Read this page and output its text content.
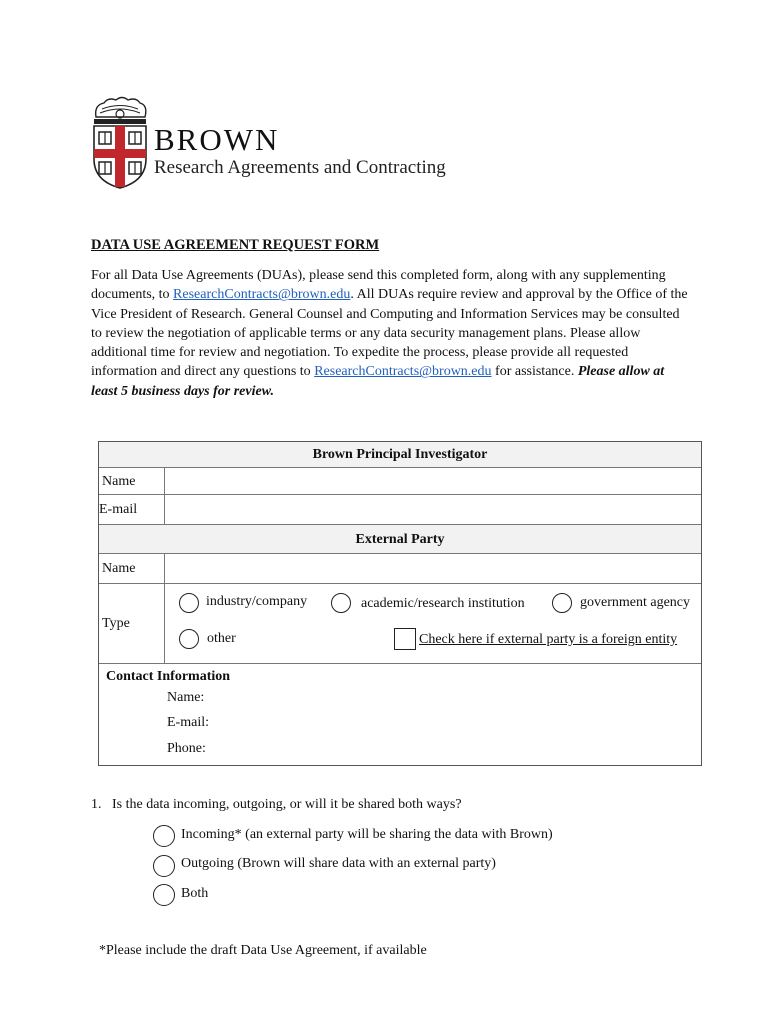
BROWN
Research Agreements and Contracting
DATA USE AGREEMENT REQUEST FORM
For all Data Use Agreements (DUAs), please send this completed form, along with any supplementing documents, to ResearchContracts@brown.edu. All DUAs require review and approval by the Office of the Vice President of Research. General Counsel and Computing and Information Services may be consulted to review the negotiation of applicable terms or any data security management plans. Please allow additional time for review and negotiation. To expedite the process, please provide all requested information and direct any questions to ResearchContracts@brown.edu for assistance. Please allow at least 5 business days for review.
Brown Principal Investigator
Name
E-mail
External Party
Name
Type
industry/company	academic/research institution	government agency
other	Check here if external party is a foreign entity
Contact Information
Name:
E-mail:
Phone:
1. Is the data incoming, outgoing, or will it be shared both ways?
Incoming* (an external party will be sharing the data with Brown)
Outgoing (Brown will share data with an external party)
Both
*Please include the draft Data Use Agreement, if available
